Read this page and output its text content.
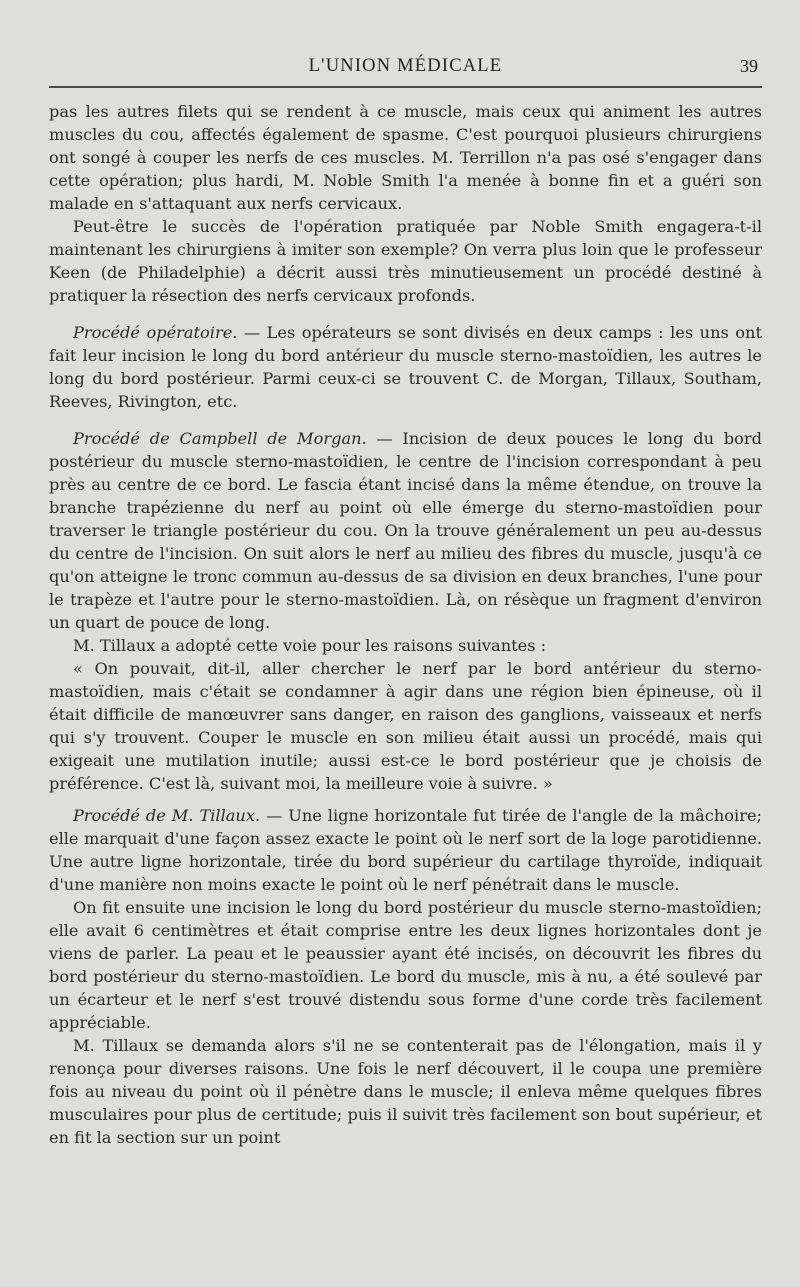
L'UNION MÉDICALE	39

pas les autres filets qui se rendent à ce muscle, mais ceux qui animent les autres muscles du cou, affectés également de spasme. C'est pourquoi plusieurs chirurgiens ont songé à couper les nerfs de ces muscles. M. Terrillon n'a pas osé s'engager dans cette opération; plus hardi, M. Noble Smith l'a menée à bonne fin et a guéri son malade en s'attaquant aux nerfs cervicaux.

Peut-être le succès de l'opération pratiquée par Noble Smith engagera-t-il maintenant les chirurgiens à imiter son exemple? On verra plus loin que le professeur Keen (de Philadelphie) a décrit aussi très minutieusement un procédé destiné à pratiquer la résection des nerfs cervicaux profonds.

Procédé opératoire. — Les opérateurs se sont divisés en deux camps : les uns ont fait leur incision le long du bord antérieur du muscle sterno-mastoïdien, les autres le long du bord postérieur. Parmi ceux-ci se trouvent C. de Morgan, Tillaux, Southam, Reeves, Rivington, etc.

Procédé de Campbell de Morgan. — Incision de deux pouces le long du bord postérieur du muscle sterno-mastoïdien, le centre de l'incision correspondant à peu près au centre de ce bord. Le fascia étant incisé dans la même étendue, on trouve la branche trapézienne du nerf au point où elle émerge du sterno-mastoïdien pour traverser le triangle postérieur du cou. On la trouve généralement un peu au-dessus du centre de l'incision. On suit alors le nerf au milieu des fibres du muscle, jusqu'à ce qu'on atteigne le tronc commun au-dessus de sa division en deux branches, l'une pour le trapèze et l'autre pour le sterno-mastoïdien. Là, on résèque un fragment d'environ un quart de pouce de long.

M. Tillaux a adopté cette voie pour les raisons suivantes :

« On pouvait, dit-il, aller chercher le nerf par le bord antérieur du sterno-mastoïdien, mais c'était se condamner à agir dans une région bien épineuse, où il était difficile de manœuvrer sans danger, en raison des ganglions, vaisseaux et nerfs qui s'y trouvent. Couper le muscle en son milieu était aussi un procédé, mais qui exigeait une mutilation inutile; aussi est-ce le bord postérieur que je choisis de préférence. C'est là, suivant moi, la meilleure voie à suivre. »

Procédé de M. Tillaux. — Une ligne horizontale fut tirée de l'angle de la mâchoire; elle marquait d'une façon assez exacte le point où le nerf sort de la loge parotidienne. Une autre ligne horizontale, tirée du bord supérieur du cartilage thyroïde, indiquait d'une manière non moins exacte le point où le nerf pénétrait dans le muscle.

On fit ensuite une incision le long du bord postérieur du muscle sterno-mastoïdien; elle avait 6 centimètres et était comprise entre les deux lignes horizontales dont je viens de parler. La peau et le peaussier ayant été incisés, on découvrit les fibres du bord postérieur du sterno-mastoïdien. Le bord du muscle, mis à nu, a été soulevé par un écarteur et le nerf s'est trouvé distendu sous forme d'une corde très facilement appréciable.

M. Tillaux se demanda alors s'il ne se contenterait pas de l'élongation, mais il y renonça pour diverses raisons. Une fois le nerf découvert, il le coupa une première fois au niveau du point où il pénètre dans le muscle; il enleva même quelques fibres musculaires pour plus de certitude; puis il suivit très facilement son bout supérieur, et en fit la section sur un point
